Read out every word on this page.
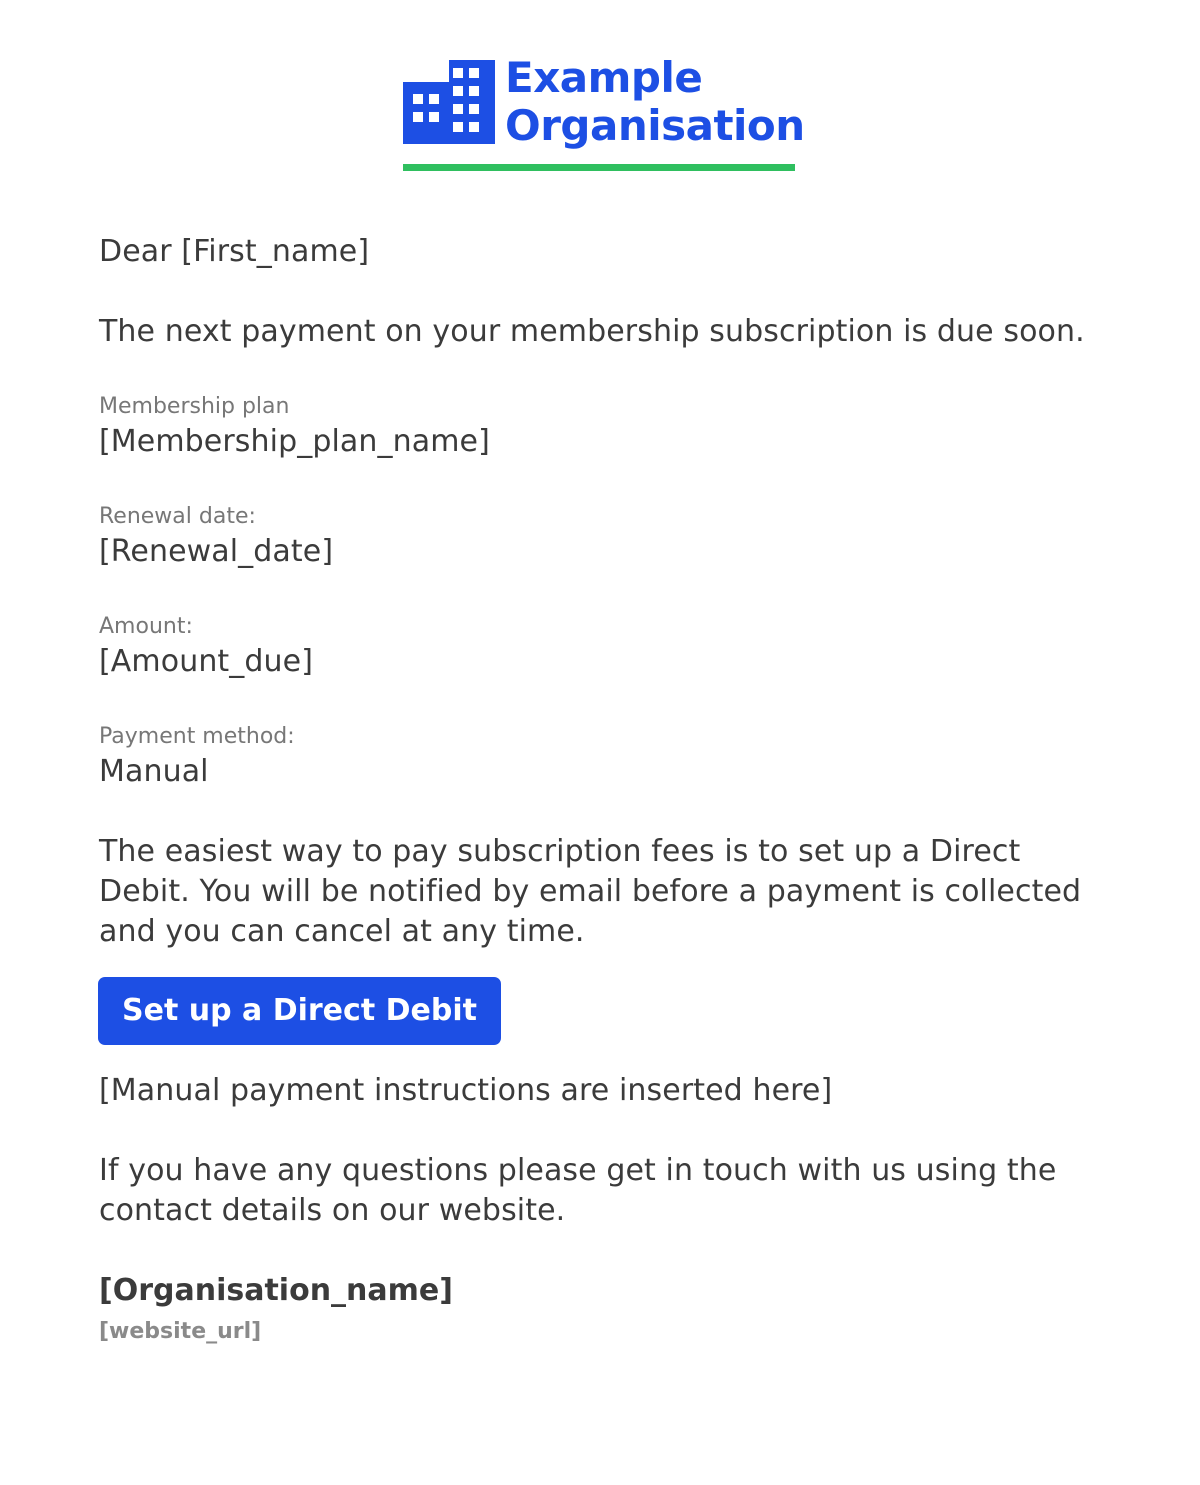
Example
Organisation

Dear [First_name]

The next payment on your membership subscription is due soon.

Membership plan

[Membership_plan_name]

Renewal date:

[Renewal_date]

Amount:

[Amount_due]

Payment method:

Manual

The easiest way to pay subscription fees is to set up a Direct Debit. You will be notified by email before a payment is collected and you can cancel at any time.

Set up a Direct Debit

[Manual payment instructions are inserted here]

If you have any questions please get in touch with us using the contact details on our website.

[Organisation_name]

[website_url]
